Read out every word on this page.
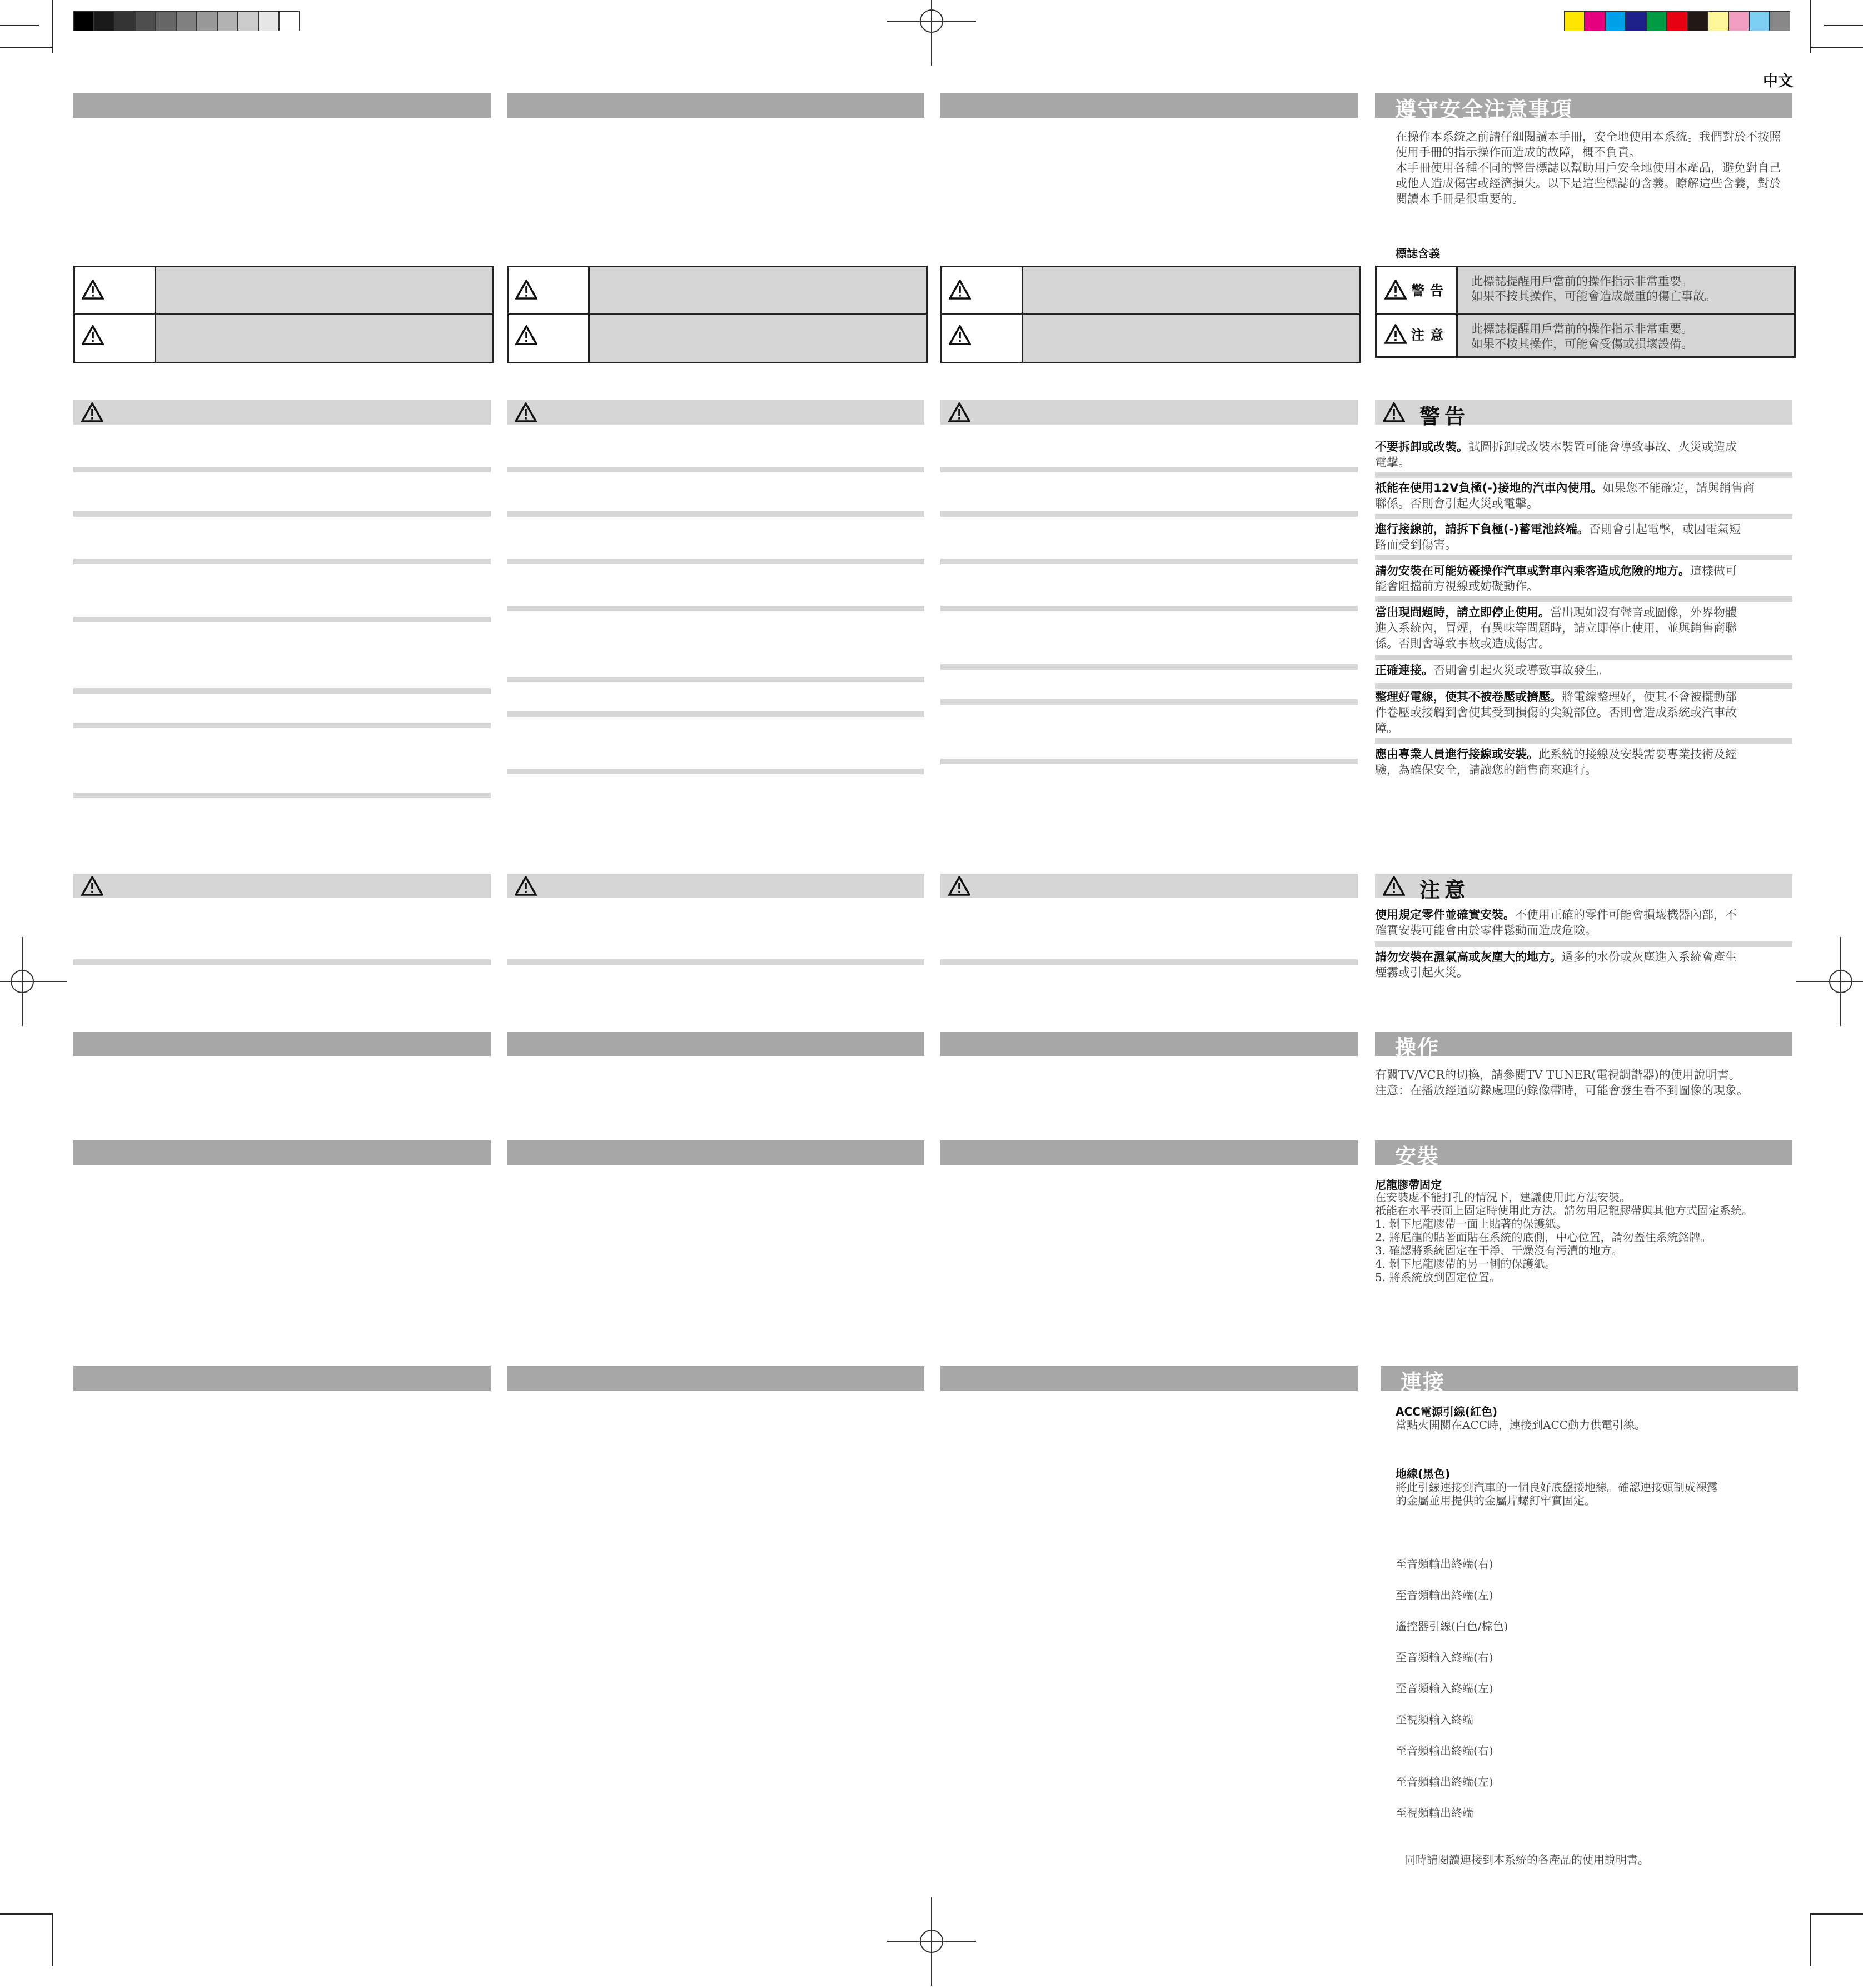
中文
遵守安全注意事項
在操作本系統之前請仔細閱讀本手冊，安全地使用本系統。我們對於不按照
使用手冊的指示操作而造成的故障，概不負責。
本手冊使用各種不同的警告標誌以幫助用戶安全地使用本產品，避免對自己
或他人造成傷害或經濟損失。以下是這些標誌的含義。瞭解這些含義，對於
閱讀本手冊是很重要的。
標誌含義
警告
此標誌提醒用戶當前的操作指示非常重要。
如果不按其操作，可能會造成嚴重的傷亡事故。
注意 此標誌提醒用戶當前的操作指示非常重要。
如果不按其操作，可能會受傷或損壞設備。
警告
不要拆卸或改裝。試圖拆卸或改裝本裝置可能會導致事故、火災或造成
電擊。
祇能在使用12V負極(-)接地的汽車內使用。如果您不能確定，請與銷售商
聯係。否則會引起火災或電擊。
進行接線前，請拆下負極(-)蓄電池終端。否則會引起電擊，或因電氣短
路而受到傷害。
請勿安裝在可能妨礙操作汽車或對車內乘客造成危險的地方。這樣做可
能會阻擋前方視線或妨礙動作。
當出現問題時，請立即停止使用。當出現如沒有聲音或圖像，外界物體
進入系統內，冒煙，有異味等問題時，請立即停止使用，並與銷售商聯
係。否則會導致事故或造成傷害。
正確連接。否則會引起火災或導致事故發生。
整理好電線，使其不被卷壓或擠壓。將電線整理好，使其不會被擺動部
件卷壓或接觸到會使其受到損傷的尖銳部位。否則會造成系統或汽車故
障。
應由專業人員進行接線或安裝。此系統的接線及安裝需要專業技術及經
驗，為確保安全，請讓您的銷售商來進行。
注意
使用規定零件並確實安裝。不使用正確的零件可能會損壞機器內部，不
確實安裝可能會由於零件鬆動而造成危險。
請勿安裝在濕氣高或灰塵大的地方。過多的水份或灰塵進入系統會產生
煙霧或引起火災。
操作
有關TV/VCR的切換，請參閱TV TUNER(電視調諧器)的使用說明書。
注意：在播放經過防錄處理的錄像帶時，可能會發生看不到圖像的現象。
安裝
尼龍膠帶固定
在安裝處不能打孔的情況下，建議使用此方法安裝。
祇能在水平表面上固定時使用此方法。請勿用尼龍膠帶與其他方式固定系統。
1. 剝下尼龍膠帶一面上貼著的保護紙。
2. 將尼龍的貼著面貼在系統的底側，中心位置，請勿蓋住系統銘牌。
3. 確認將系統固定在干淨、干燥沒有污漬的地方。
4. 剝下尼龍膠帶的另一側的保護紙。
5. 將系統放到固定位置。
連接
ACC電源引線(紅色)
當點火開關在ACC時，連接到ACC動力供電引線。
地線(黑色)
將此引線連接到汽車的一個良好底盤接地線。確認連接頭制成裸露
的金屬並用提供的金屬片螺釘牢實固定。
至音頻輸出終端(右)
至音頻輸出終端(左)
遙控器引線(白色/棕色)
至音頻輸入終端(右)
至音頻輸入終端(左)
至視頻輸入終端
至音頻輸出終端(右)
至音頻輸出終端(左)
至視頻輸出終端
同時請閱讀連接到本系統的各產品的使用說明書。
